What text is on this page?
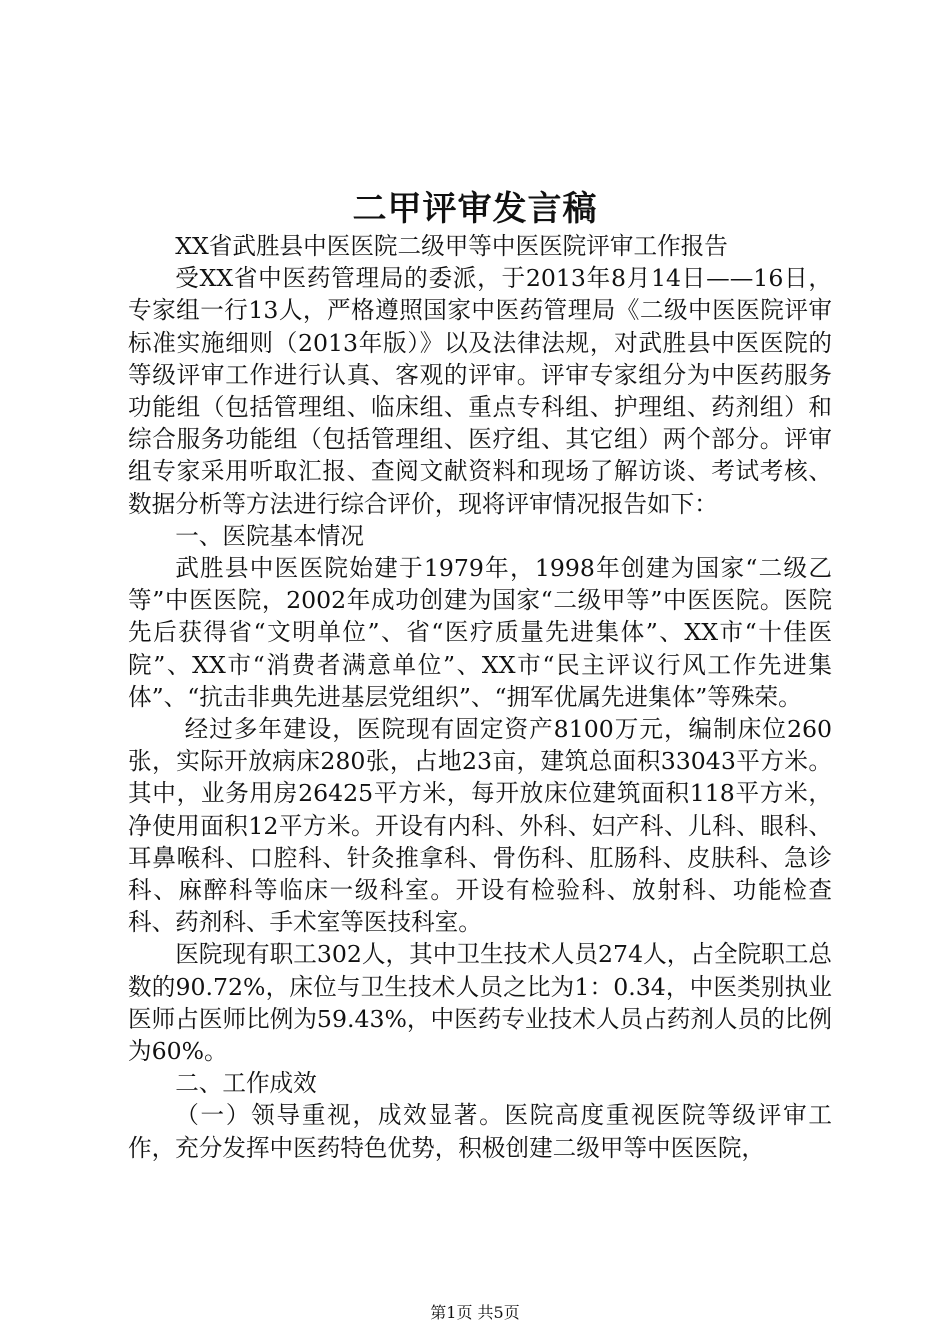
二甲评审发言稿

XX省武胜县中医医院二级甲等中医医院评审工作报告

受XX省中医药管理局的委派，于2013年8月14日——16日，专家组一行13人，严格遵照国家中医药管理局《二级中医医院评审标准实施细则（2013年版）》以及法律法规，对武胜县中医医院的等级评审工作进行认真、客观的评审。评审专家组分为中医药服务功能组（包括管理组、临床组、重点专科组、护理组、药剂组）和综合服务功能组（包括管理组、医疗组、其它组）两个部分。评审组专家采用听取汇报、查阅文献资料和现场了解访谈、考试考核、数据分析等方法进行综合评价，现将评审情况报告如下：

一、医院基本情况

武胜县中医医院始建于1979年，1998年创建为国家“二级乙等”中医医院，2002年成功创建为国家“二级甲等”中医医院。医院先后获得省“文明单位”、省“医疗质量先进集体”、XX市“十佳医院”、XX市“消费者满意单位”、XX市“民主评议行风工作先进集体”、“抗击非典先进基层党组织”、“拥军优属先进集体”等殊荣。

经过多年建设，医院现有固定资产8100万元，编制床位260张，实际开放病床280张，占地23亩，建筑总面积33043平方米。其中，业务用房26425平方米，每开放床位建筑面积118平方米，净使用面积12平方米。开设有内科、外科、妇产科、儿科、眼科、耳鼻喉科、口腔科、针灸推拿科、骨伤科、肛肠科、皮肤科、急诊科、麻醉科等临床一级科室。开设有检验科、放射科、功能检查科、药剂科、手术室等医技科室。

医院现有职工302人，其中卫生技术人员274人，占全院职工总数的90.72%，床位与卫生技术人员之比为1：0.34，中医类别执业医师占医师比例为59.43%，中医药专业技术人员占药剂人员的比例为60%。

二、工作成效

（一）领导重视，成效显著。医院高度重视医院等级评审工作，充分发挥中医药特色优势，积极创建二级甲等中医医院，

第1页 共5页
